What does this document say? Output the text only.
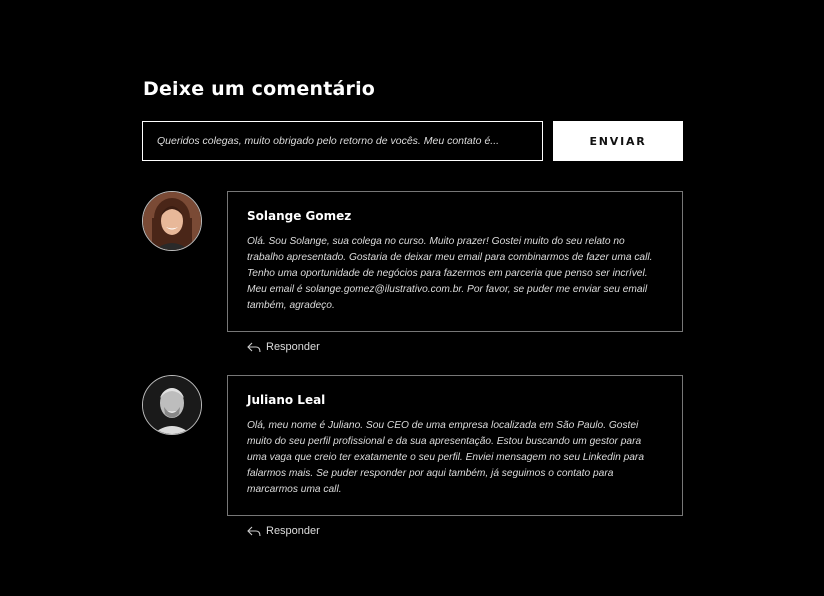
Deixe um comentário
Queridos colegas, muito obrigado pelo retorno de vocês. Meu contato é...
ENVIAR
Solange Gomez

Olá. Sou Solange, sua colega no curso. Muito prazer! Gostei muito do seu relato no trabalho apresentado. Gostaria de deixar meu email para combinarmos de fazer uma call. Tenho uma oportunidade de negócios para fazermos em parceria que penso ser incrível. Meu email é solange.gomez@ilustrativo.com.br. Por favor, se puder me enviar seu email também, agradeço.

Responder
Juliano Leal

Olá, meu nome é Juliano. Sou CEO de uma empresa localizada em São Paulo. Gostei muito do seu perfil profissional e da sua apresentação. Estou buscando um gestor para uma vaga que creio ter exatamente o seu perfil. Enviei mensagem no seu Linkedin para falarmos mais. Se puder responder por aqui também, já seguimos o contato para marcarmos uma call.

Responder
